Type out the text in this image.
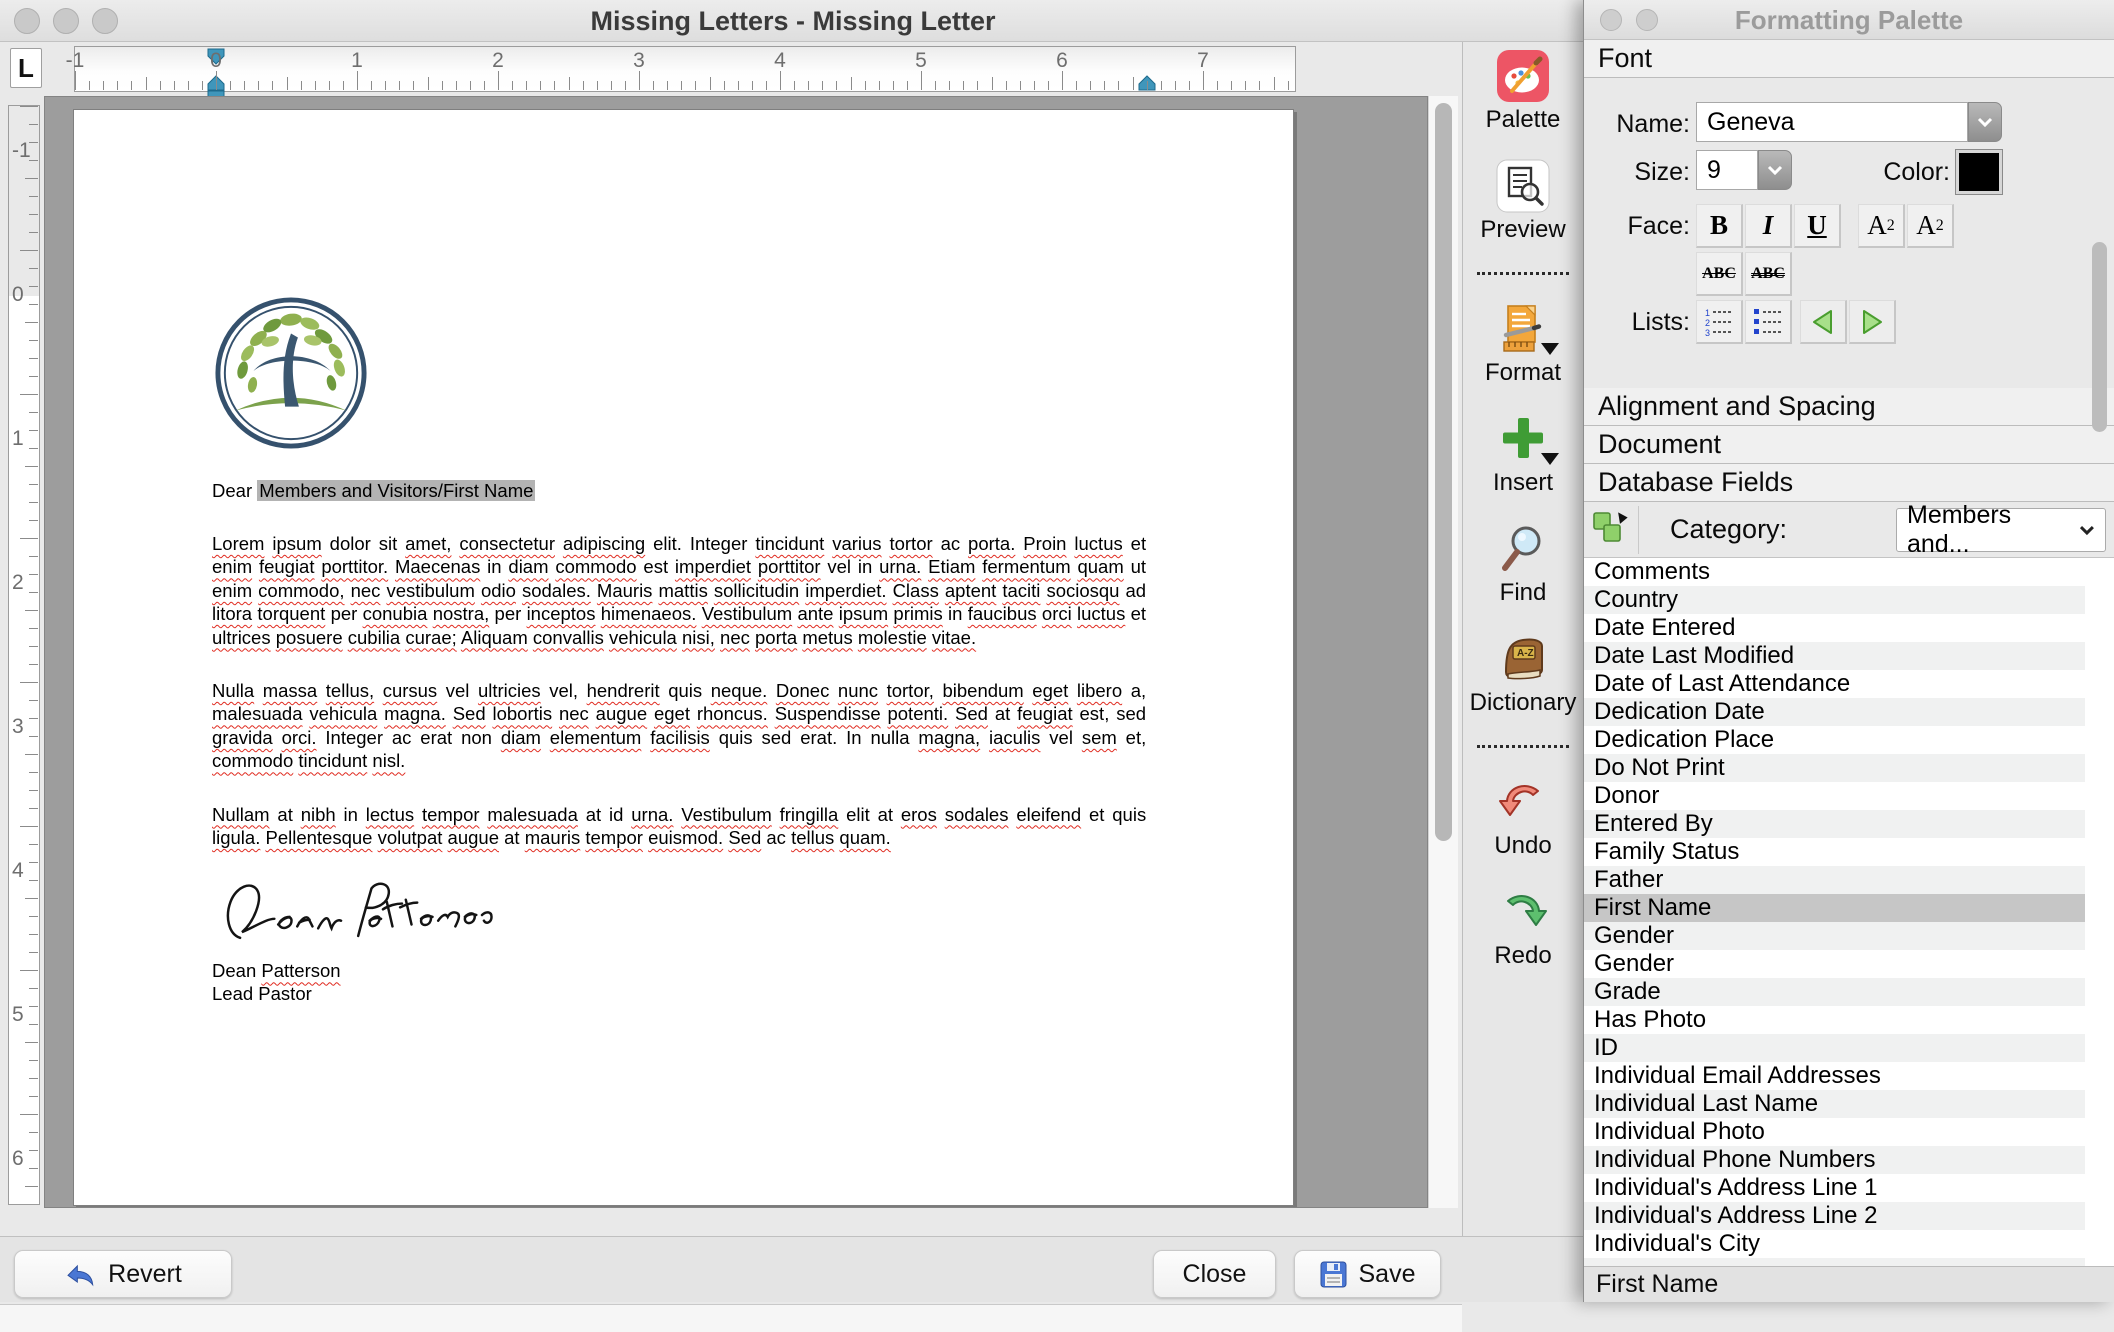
Missing Letters - Missing Letter
L	-1	0	1	2	3	4	5	6	7
-1
0
1
2
3
4
5
6
Dear Members and Visitors/First Name

Lorem ipsum dolor sit amet, consectetur adipiscing elit. Integer tincidunt varius tortor ac porta. Proin luctus et enim feugiat porttitor. Maecenas in diam commodo est imperdiet porttitor vel in urna. Etiam fermentum quam ut enim commodo, nec vestibulum odio sodales. Mauris mattis sollicitudin imperdiet. Class aptent taciti sociosqu ad litora torquent per conubia nostra, per inceptos himenaeos. Vestibulum ante ipsum primis in faucibus orci luctus et ultrices posuere cubilia curae; Aliquam convallis vehicula nisi, nec porta metus molestie vitae.

Nulla massa tellus, cursus vel ultricies vel, hendrerit quis neque. Donec nunc tortor, bibendum eget libero a, malesuada vehicula magna. Sed lobortis nec augue eget rhoncus. Suspendisse potenti. Sed at feugiat est, sed gravida orci. Integer ac erat non diam elementum facilisis quis sed erat. In nulla magna, iaculis vel sem et, commodo tincidunt nisl.

Nullam at nibh in lectus tempor malesuada at id urna. Vestibulum fringilla elit at eros sodales eleifend et quis ligula. Pellentesque volutpat augue at mauris tempor euismod. Sed ac tellus quam.

Dean Patterson
Lead Pastor
Palette
Preview
Format
Insert
Find
A-Z
Dictionary
Undo
Redo
Revert	Close	Save
Formatting Palette
Font
Name: Geneva
Size: 9	Color:
Face: B	I	U	A 2 A 2
ABC ABC
Lists: 1
2
3
Alignment and Spacing
Document
Database Fields
Category:	Members and...
Comments
Country
Date Entered
Date Last Modified
Date of Last Attendance
Dedication Date
Dedication Place
Do Not Print
Donor
Entered By
Family Status
Father
First Name
Gender
Gender
Grade
Has Photo
ID
Individual Email Addresses
Individual Last Name
Individual Photo
Individual Phone Numbers
Individual's Address Line 1
Individual's Address Line 2
Individual's City
First Name
